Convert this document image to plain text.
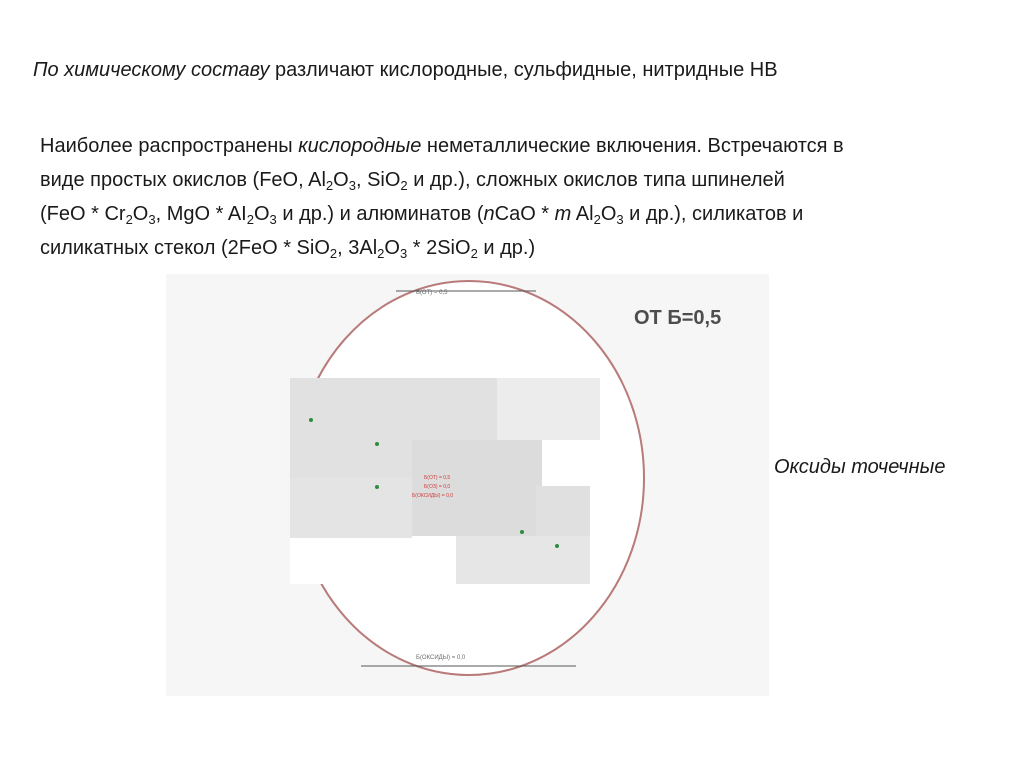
По химическому составу различают кислородные, сульфидные, нитридные НВ
Наиболее распространены кислородные неметаллические включения. Встречаются в
виде простых окислов (FeO, $Al_2O_3$, SiO$_2$ и др.), сложных окислов типа шпинелей
($FeO * Cr_2O_3$, MgO * $AI_2O_3$ и др.) и алюминатов (nCaO * m $Al_2O_3$ и др.), силикатов и
силикатных стекол (2FeO * SiO$_2$, $3Al_2O_3 * 2SiO_2$ и др.)
ОТ Б=0,5
Б(ОТ) = 0,5
Б(ОКСИДЫ) = 0,0
Б(ОТ) = 0,5
Б(ОЗ) = 0,0
Б(ОКСИДЫ) = 0,0
Оксиды точечные
